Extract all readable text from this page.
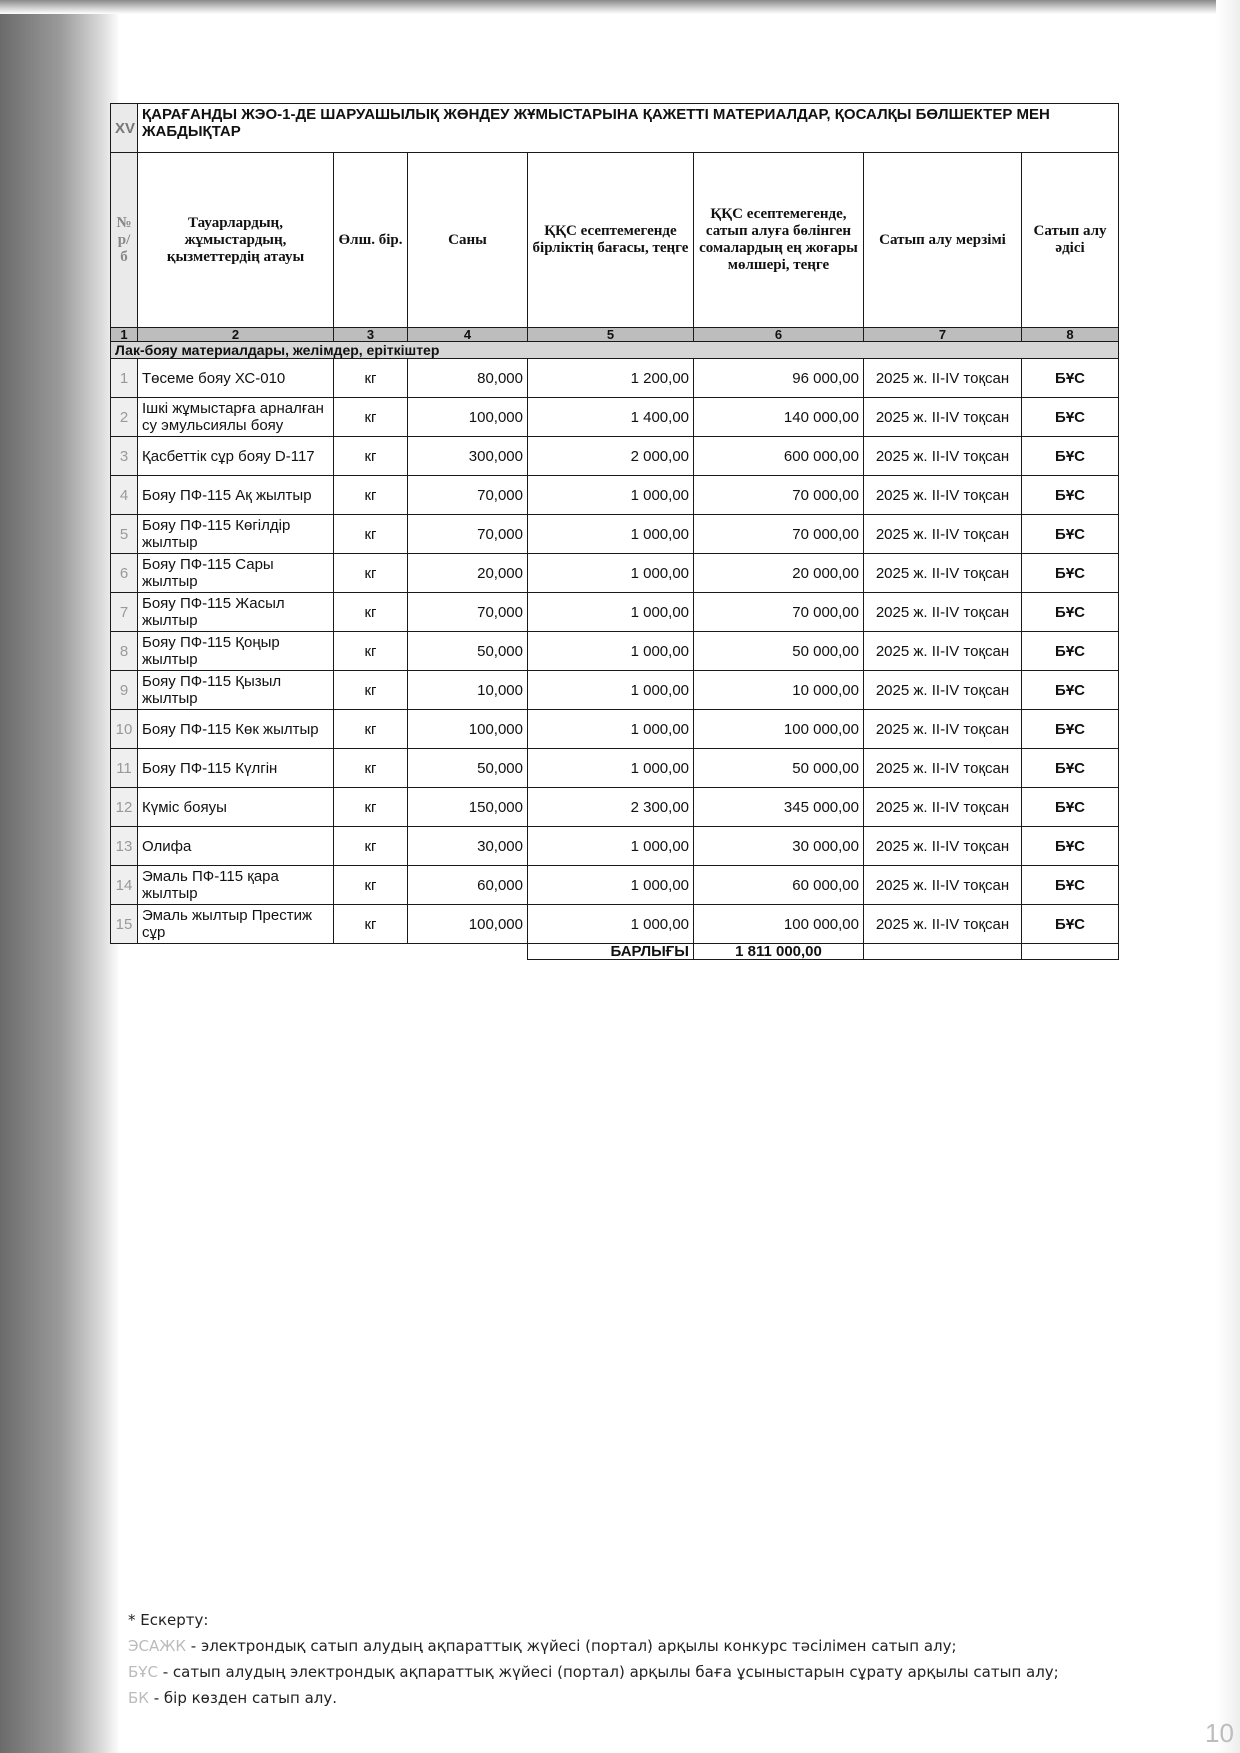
XV	ҚАРАҒАНДЫ ЖЭО-1-ДЕ ШАРУАШЫЛЫҚ ЖӨНДЕУ ЖҰМЫСТАРЫНА ҚАЖЕТТІ МАТЕРИАЛДАР, ҚОСАЛҚЫ БӨЛШЕКТЕР МЕН ЖАБДЫҚТАР						
№ р/б	Тауарлардың, жұмыстардың, қызметтердің атауы	Өлш. бір.	Саны	ҚҚС есептемегенде бірліктің бағасы, теңге	ҚҚС есептемегенде, сатып алуға бөлінген сомалардың ең жоғары мөлшері, теңге	Сатып алу мерзімі	Сатып алу әдісі
1	2	3	4	5	6	7	8
Лак-бояу материалдары, желімдер, еріткіштер							
1	Төсеме бояу ХС-010	кг	80,000	1 200,00	96 000,00	2025 ж. II-IV тоқсан	БҰС
2	Ішкі жұмыстарға арналған су эмульсиялы бояу	кг	100,000	1 400,00	140 000,00	2025 ж. II-IV тоқсан	БҰС
3	Қасбеттік сұр бояу D-117	кг	300,000	2 000,00	600 000,00	2025 ж. II-IV тоқсан	БҰС
4	Бояу ПФ-115 Ақ жылтыр	кг	70,000	1 000,00	70 000,00	2025 ж. II-IV тоқсан	БҰС
5	Бояу ПФ-115 Көгілдір жылтыр	кг	70,000	1 000,00	70 000,00	2025 ж. II-IV тоқсан	БҰС
6	Бояу ПФ-115 Сары жылтыр	кг	20,000	1 000,00	20 000,00	2025 ж. II-IV тоқсан	БҰС
7	Бояу ПФ-115 Жасыл жылтыр	кг	70,000	1 000,00	70 000,00	2025 ж. II-IV тоқсан	БҰС
8	Бояу ПФ-115 Қоңыр жылтыр	кг	50,000	1 000,00	50 000,00	2025 ж. II-IV тоқсан	БҰС
9	Бояу ПФ-115 Қызыл жылтыр	кг	10,000	1 000,00	10 000,00	2025 ж. II-IV тоқсан	БҰС
10	Бояу ПФ-115 Көк жылтыр	кг	100,000	1 000,00	100 000,00	2025 ж. II-IV тоқсан	БҰС
11	Бояу ПФ-115 Күлгін	кг	50,000	1 000,00	50 000,00	2025 ж. II-IV тоқсан	БҰС
12	Күміс бояуы	кг	150,000	2 300,00	345 000,00	2025 ж. II-IV тоқсан	БҰС
13	Олифа	кг	30,000	1 000,00	30 000,00	2025 ж. II-IV тоқсан	БҰС
14	Эмаль ПФ-115 қара жылтыр	кг	60,000	1 000,00	60 000,00	2025 ж. II-IV тоқсан	БҰС
15	Эмаль жылтыр Престиж сұр	кг	100,000	1 000,00	100 000,00	2025 ж. II-IV тоқсан	БҰС
				БАРЛЫҒЫ	1 811 000,00		

* Ескерту:

ЭСАЖК - электрондық сатып алудың ақпараттық жүйесі (портал) арқылы конкурс тәсілімен сатып алу;

БҰС - сатып алудың электрондық ақпараттық жүйесі (портал) арқылы баға ұсыныстарын сұрату арқылы сатып алу;

БК - бір көзден сатып алу.

10
